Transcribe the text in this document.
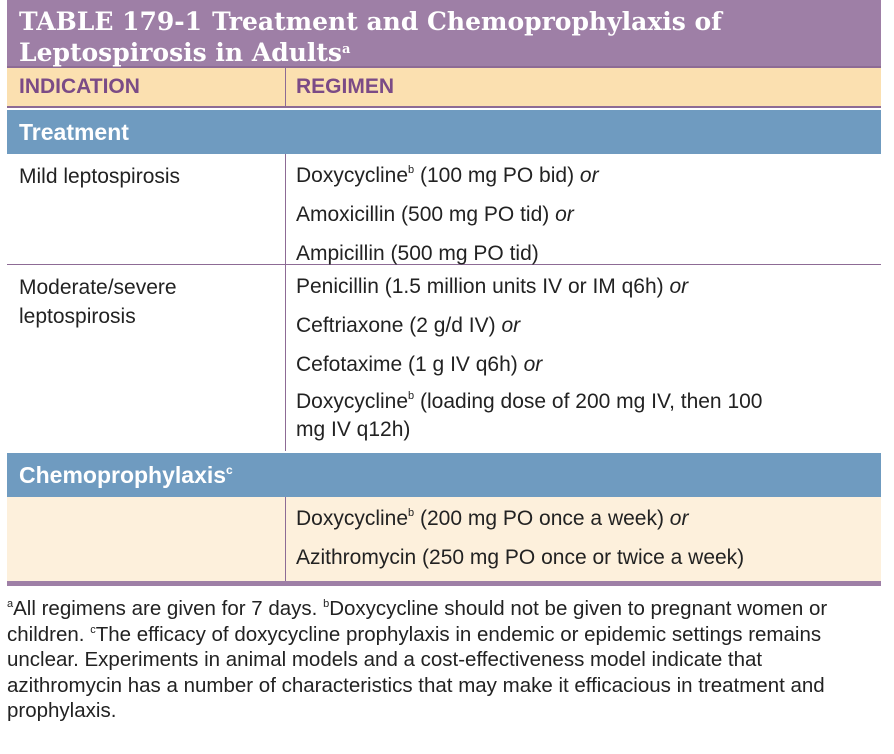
TABLE 179-1 Treatment and Chemoprophylaxis of Leptospirosis in Adults$^a$
INDICATION	REGIMEN
Treatment
Mild leptospirosis	Doxycycline$^b$ (100 mg PO bid) or
Amoxicillin (500 mg PO tid) or
Ampicillin (500 mg PO tid)
Moderate/severe leptospirosis
Penicillin (1.5 million units IV or IM q6h) or
Ceftriaxone (2 g/d IV) or
Cefotaxime (1 g IV q6h) or
Doxycycline$^b$ (loading dose of 200 mg IV, then 100 mg IV q12h)
Chemoprophylaxis$^c$
Doxycycline$^b$ (200 mg PO once a week) or
Azithromycin (250 mg PO once or twice a week)
$^a$All regimens are given for 7 days. $^b$Doxycycline should not be given to pregnant women or children. $^c$The efficacy of doxycycline prophylaxis in endemic or epidemic settings remains unclear. Experiments in animal models and a cost-effectiveness model indicate that azithromycin has a number of characteristics that may make it efficacious in treatment and prophylaxis.
